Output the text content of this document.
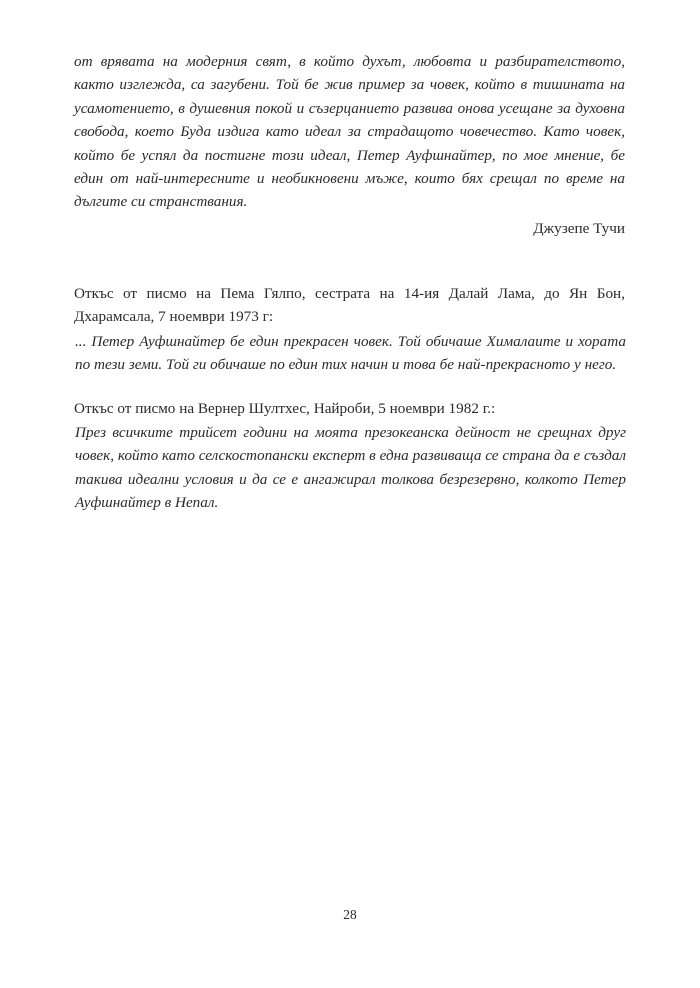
от врявата на модерния свят, в който духът, любовта и разбирателството, както изглежда, са загубени. Той бе жив пример за човек, който в тишината на усамотението, в душевния покой и съзерцанието развива онова усещане за духовна свобода, което Буда издига като идеал за страдащото човечество. Като човек, който бе успял да постигне този идеал, Петер Ауфшнайтер, по мое мнение, бе един от най-интересните и необикновени мъже, които бях срещал по време на дългите си странствания.
Джузепе Тучи
Откъс от писмо на Пема Гялпо, сестрата на 14-ия Далай Лама, до Ян Бон, Дхарамсала, 7 ноември 1973 г:
... Петер Ауфшнайтер бе един прекрасен човек. Той обичаше Хималаите и хората по тези земи. Той ги обичаше по един тих начин и това бе най-прекрасното у него.
Откъс от писмо на Вернер Шултхес, Найроби, 5 ноември 1982 г.:
През всичките трийсет години на моята презокеанска дейност не срещнах друг човек, който като селскостопански експерт в една развиваща се страна да е създал такива идеални условия и да се е ангажирал толкова безрезервно, колкото Петер Ауфшнайтер в Непал.
28
